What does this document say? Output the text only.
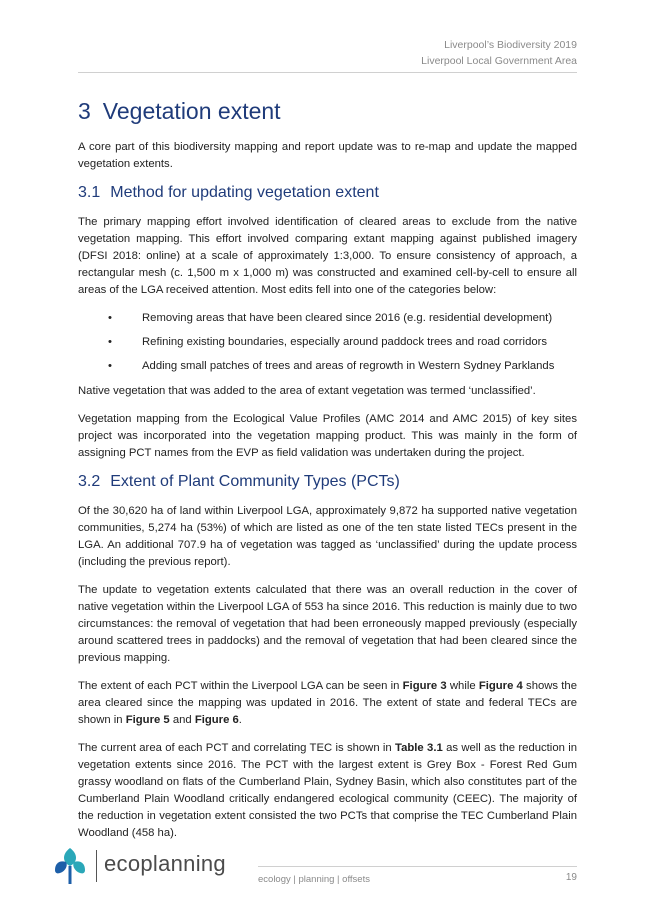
Liverpool’s Biodiversity 2019
Liverpool Local Government Area
3 Vegetation extent

A core part of this biodiversity mapping and report update was to re-map and update the mapped vegetation extents.

3.1 Method for updating vegetation extent

The primary mapping effort involved identification of cleared areas to exclude from the native vegetation mapping. This effort involved comparing extant mapping against published imagery (DFSI 2018: online) at a scale of approximately 1:3,000. To ensure consistency of approach, a rectangular mesh (c. 1,500 m x 1,000 m) was constructed and examined cell-by-cell to ensure all areas of the LGA received attention. Most edits fell into one of the categories below:

•	Removing areas that have been cleared since 2016 (e.g. residential development)
•	Refining existing boundaries, especially around paddock trees and road corridors
•	Adding small patches of trees and areas of regrowth in Western Sydney Parklands

Native vegetation that was added to the area of extant vegetation was termed ‘unclassified’.

Vegetation mapping from the Ecological Value Profiles (AMC 2014 and AMC 2015) of key sites project was incorporated into the vegetation mapping product. This was mainly in the form of assigning PCT names from the EVP as field validation was undertaken during the project.

3.2 Extent of Plant Community Types (PCTs)

Of the 30,620 ha of land within Liverpool LGA, approximately 9,872 ha supported native vegetation communities, 5,274 ha (53%) of which are listed as one of the ten state listed TECs present in the LGA. An additional 707.9 ha of vegetation was tagged as ‘unclassified’ during the update process (including the previous report).

The update to vegetation extents calculated that there was an overall reduction in the cover of native vegetation within the Liverpool LGA of 553 ha since 2016. This reduction is mainly due to two circumstances: the removal of vegetation that had been erroneously mapped previously (especially around scattered trees in paddocks) and the removal of vegetation that had been cleared since the previous mapping.

The extent of each PCT within the Liverpool LGA can be seen in Figure 3 while Figure 4 shows the area cleared since the mapping was updated in 2016. The extent of state and federal TECs are shown in Figure 5 and Figure 6.

The current area of each PCT and correlating TEC is shown in Table 3.1 as well as the reduction in vegetation extents since 2016. The PCT with the largest extent is Grey Box - Forest Red Gum grassy woodland on flats of the Cumberland Plain, Sydney Basin, which also constitutes part of the Cumberland Plain Woodland critically endangered ecological community (CEEC). The majority of the reduction in vegetation extent consisted the two PCTs that comprise the TEC Cumberland Plain Woodland (458 ha).

ecoplanning
ecology | planning | offsets	19
